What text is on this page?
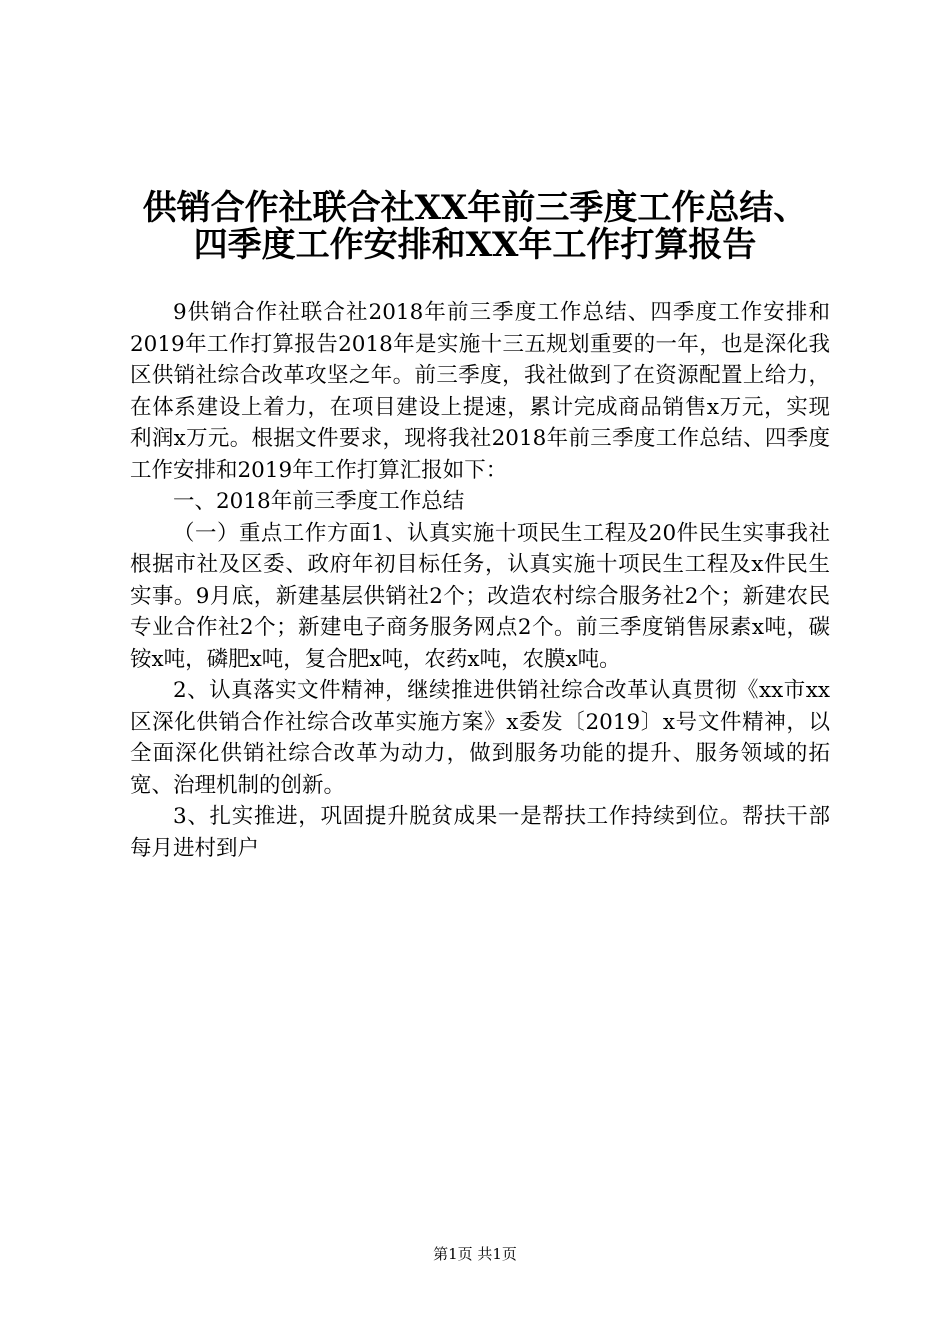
供销合作社联合社XX年前三季度工作总结、
四季度工作安排和XX年工作打算报告

9供销合作社联合社2018年前三季度工作总结、四季度工作安排和2019年工作打算报告2018年是实施十三五规划重要的一年，也是深化我区供销社综合改革攻坚之年。前三季度，我社做到了在资源配置上给力，在体系建设上着力，在项目建设上提速，累计完成商品销售x万元，实现利润x万元。根据文件要求，现将我社2018年前三季度工作总结、四季度工作安排和2019年工作打算汇报如下：

一、2018年前三季度工作总结

（一）重点工作方面1、认真实施十项民生工程及20件民生实事我社根据市社及区委、政府年初目标任务，认真实施十项民生工程及x件民生实事。9月底，新建基层供销社2个；改造农村综合服务社2个；新建农民专业合作社2个；新建电子商务服务网点2个。前三季度销售尿素x吨，碳铵x吨，磷肥x吨，复合肥x吨，农药x吨，农膜x吨。

2、认真落实文件精神，继续推进供销社综合改革认真贯彻《xx市xx区深化供销合作社综合改革实施方案》x委发〔2019〕x号文件精神，以全面深化供销社综合改革为动力，做到服务功能的提升、服务领域的拓宽、治理机制的创新。

3、扎实推进，巩固提升脱贫成果一是帮扶工作持续到位。帮扶干部每月进村到户

第1页 共1页
